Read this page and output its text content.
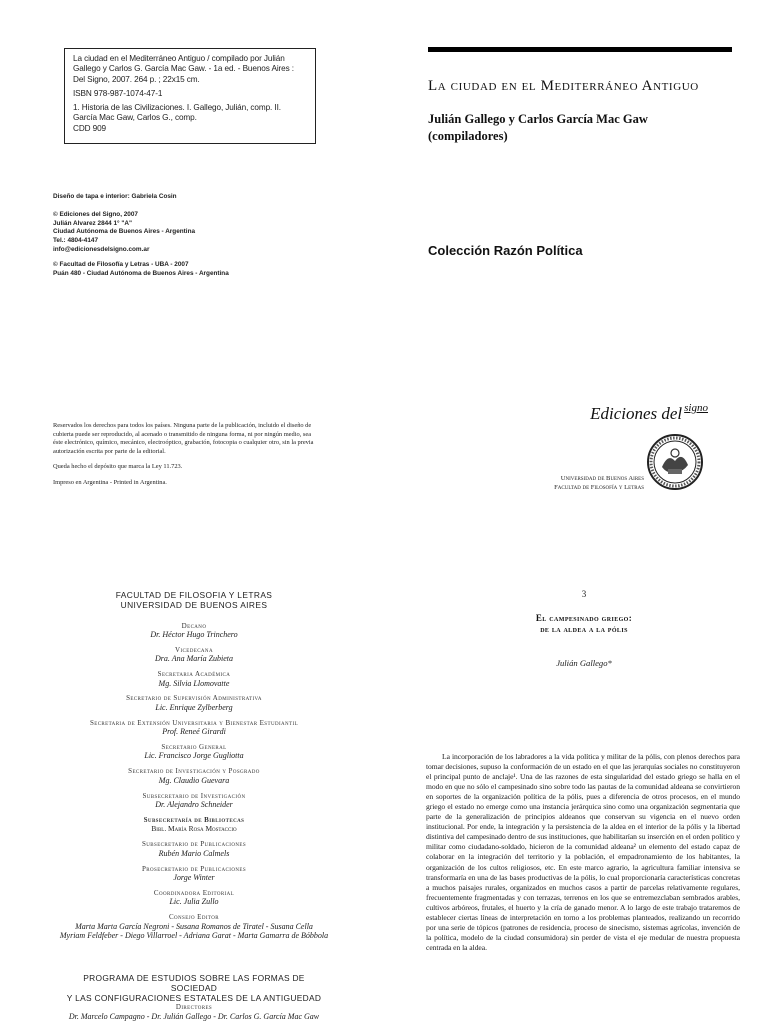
La ciudad en el Mediterráneo Antiguo / compilado por Julián Gallego y Carlos G. García Mac Gaw. - 1a ed. - Buenos Aires : Del Signo, 2007. 264 p. ; 22x15 cm.

ISBN 978-987-1074-47-1

1. Historia de las Civilizaciones. I. Gallego, Julián, comp. II. García Mac Gaw, Carlos G., comp.

CDD 909

Diseño de tapa e interior: Gabriela Cosin
© Ediciones del Signo, 2007
Julián Alvarez 2844 1° "A"
Ciudad Autónoma de Buenos Aires - Argentina
Tel.: 4804-4147
info@edicionesdelsigno.com.ar
© Facultad de Filosofía y Letras - UBA - 2007
Puán 480 - Ciudad Autónoma de Buenos Aires - Argentina

Reservados los derechos para todos los países. Ninguna parte de la publicación, incluido el diseño de cubierta puede ser reproducido, al acenado o transmitido de ninguna forma, ni por ningún medio, sea éste electrónico, químico, mecánico, electroóptico, grabación, fotocopia o cualquier otro, sin la previa autorización escrita por parte de la editorial.

Queda hecho el depósito que marca la Ley 11.723.

Impreso en Argentina - Printed in Argentina.

La ciudad en el Mediterráneo Antiguo
Julián Gallego y Carlos García Mac Gaw
(compiladores)
Colección Razón Política
Ediciones del $^{signo}$
Universidad de Buenos Aires
Facultad de Filosofía y Letras
FACULTAD DE FILOSOFIA Y LETRAS
UNIVERSIDAD DE BUENOS AIRES
Decano
Dr. Héctor Hugo Trinchero
Vicedecana
Dra. Ana María Zubieta
Secretaria Académica
Mg. Silvia Llomovatte
Secretario de Supervisión Administrativa
Lic. Enrique Zylberberg
Secretaria de Extensión Universitaria y Bienestar Estudiantil
Prof. Reneé Girardi
Secretario General
Lic. Francisco Jorge Gugliotta
Secretario de Investigación y Posgrado
Mg. Claudio Guevara
Subsecretario de Investigación
Dr. Alejandro Schneider
Subsecretaría de Bibliotecas
Bibl. María Rosa Mostaccio
Subsecretario de Publicaciones
Rubén Mario Calmels
Prosecretario de Publicaciones
Jorge Winter
Coordinadora Editorial
Lic. Julia Zullo
Consejo Editor
Marta Marta García Negroni - Susana Romanos de Tiratel - Susana Cella
Myriam Feldfeber - Diego Villarroel - Adriana Garat - Marta Gamarra de Bóbbola
PROGRAMA DE ESTUDIOS SOBRE LAS FORMAS DE SOCIEDAD
Y LAS CONFIGURACIONES ESTATALES DE LA ANTIGUEDAD
Directores
Dr. Marcelo Campagno - Dr. Julián Gallego - Dr. Carlos G. García Mac Gaw
3
El campesinado griego:
de la aldea a la pólis
Julián Gallego*
La incorporación de los labradores a la vida política y militar de la pólis, con plenos derechos para tomar decisiones, supuso la conformación de un estado en el que las jerarquías sociales no constituyeron el principal punto de anclaje¹. Una de las razones de esta singularidad del estado griego se halla en el modo en que no sólo el campesinado sino sobre todo las pautas de la comunidad aldeana se convirtieron en soportes de la organización política de la pólis, pues a diferencia de otros procesos, en el mundo griego el estado no emerge como una instancia jerárquica sino como una organización segmentaria que parte de la generalización de principios aldeanos que conservan su vigencia en el nuevo orden institucional. Por ende, la integración y la persistencia de la aldea en el interior de la pólis y la libertad distintiva del campesinado dentro de sus instituciones, que habilitarían su inserción en el orden político y militar como ciudadano-soldado, hicieron de la comunidad aldeana² un elemento del estado capaz de colaborar en la integración del territorio y la población, el empadronamiento de los habitantes, la organización de los cultos religiosos, etc. En este marco agrario, la agricultura familiar intensiva se transformaría en una de las bases productivas de la pólis, lo cual proporcionaría características concretas a muchos paisajes rurales, organizados en muchos casos a partir de parcelas relativamente regulares, frecuentemente fragmentadas y con terrazas, terrenos en los que se entremezclaban sembrados arables, cultivos arbóreos, frutales, el huerto y la cría de ganado menor. A lo largo de este trabajo trataremos de establecer ciertas líneas de interpretación en torno a los problemas planteados, realizando un recorrido por una serie de tópicos (patrones de residencia, proceso de sinecismo, sistemas agrícolas, invención de la política, modelo de la ciudad consumidora) sin perder de vista el eje medular de nuestra propuesta centrada en la aldea.
